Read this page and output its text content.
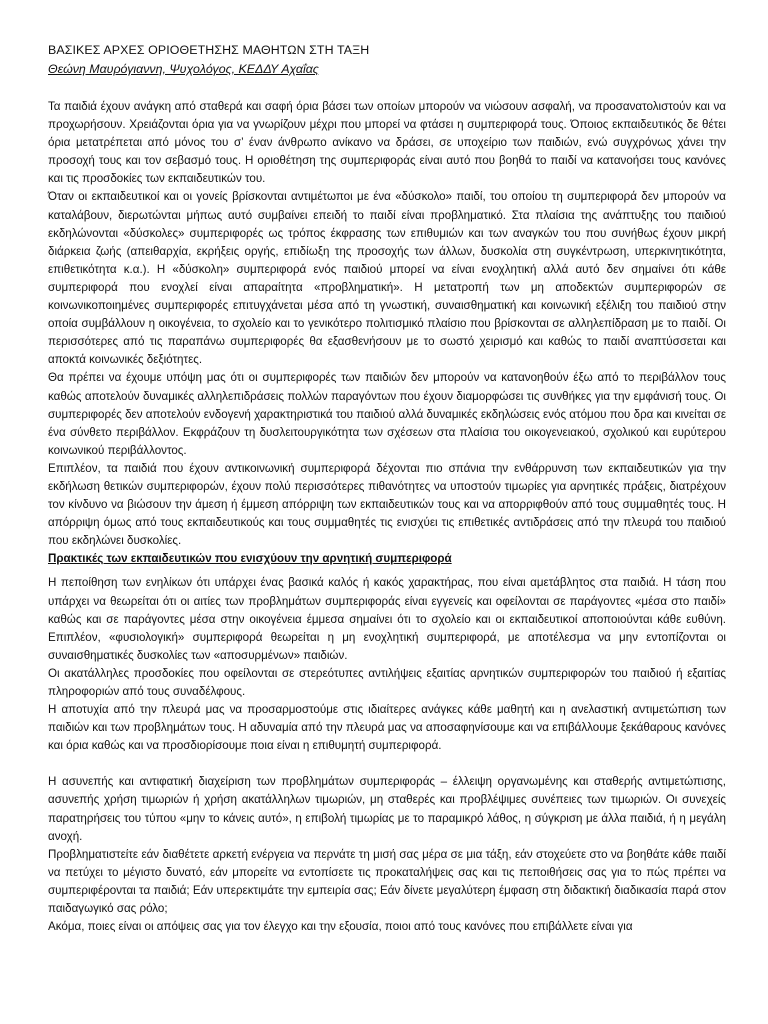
ΒΑΣΙΚΕΣ ΑΡΧΕΣ ΟΡΙΟΘΕΤΗΣΗΣ ΜΑΘΗΤΩΝ ΣΤΗ ΤΑΞΗ
Θεώνη Μαυρόγιαννη, Ψυχολόγος, ΚΕΔΔΥ Αχαΐας

Τα παιδιά έχουν ανάγκη από σταθερά και σαφή όρια βάσει των οποίων μπορούν να νιώσουν ασφαλή, να προσανατολιστούν και να προχωρήσουν. Χρειάζονται όρια για να γνωρίζουν μέχρι που μπορεί να φτάσει η συμπεριφορά τους. Όποιος εκπαιδευτικός δε θέτει όρια μετατρέπεται από μόνος του σ’ έναν άνθρωπο ανίκανο να δράσει, σε υποχείριο των παιδιών, ενώ συγχρόνως χάνει την προσοχή τους και τον σεβασμό τους. Η οριοθέτηση της συμπεριφοράς είναι αυτό που βοηθά το παιδί να κατανοήσει τους κανόνες και τις προσδοκίες των εκπαιδευτικών του.

Όταν οι εκπαιδευτικοί και οι γονείς βρίσκονται αντιμέτωποι με ένα «δύσκολο» παιδί, του οποίου τη συμπεριφορά δεν μπορούν να καταλάβουν, διερωτώνται μήπως αυτό συμβαίνει επειδή το παιδί είναι προβληματικό. Στα πλαίσια της ανάπτυξης του παιδιού εκδηλώνονται «δύσκολες» συμπεριφορές ως τρόπος έκφρασης των επιθυμιών και των αναγκών του που συνήθως έχουν μικρή διάρκεια ζωής (απειθαρχία, εκρήξεις οργής, επιδίωξη της προσοχής των άλλων, δυσκολία στη συγκέντρωση, υπερκινητικότητα, επιθετικότητα κ.α.). Η «δύσκολη» συμπεριφορά ενός παιδιού μπορεί να είναι ενοχλητική αλλά αυτό δεν σημαίνει ότι κάθε συμπεριφορά που ενοχλεί είναι απαραίτητα «προβληματική». Η μετατροπή των μη αποδεκτών συμπεριφορών σε κοινωνικοποιημένες συμπεριφορές επιτυγχάνεται μέσα από τη γνωστική, συναισθηματική και κοινωνική εξέλιξη του παιδιού στην οποία συμβάλλουν η οικογένεια, το σχολείο και το γενικότερο πολιτισμικό πλαίσιο που βρίσκονται σε αλληλεπίδραση με το παιδί. Οι περισσότερες από τις παραπάνω συμπεριφορές θα εξασθενήσουν με το σωστό χειρισμό και καθώς το παιδί αναπτύσσεται και αποκτά κοινωνικές δεξιότητες.

Θα πρέπει να έχουμε υπόψη μας ότι οι συμπεριφορές των παιδιών δεν μπορούν να κατανοηθούν έξω από το περιβάλλον τους καθώς αποτελούν δυναμικές αλληλεπιδράσεις πολλών παραγόντων που έχουν διαμορφώσει τις συνθήκες για την εμφάνισή τους. Οι συμπεριφορές δεν αποτελούν ενδογενή χαρακτηριστικά του παιδιού αλλά δυναμικές εκδηλώσεις ενός ατόμου που δρα και κινείται σε ένα σύνθετο περιβάλλον. Εκφράζουν τη δυσλειτουργικότητα των σχέσεων στα πλαίσια του οικογενειακού, σχολικού και ευρύτερου κοινωνικού περιβάλλοντος.

Επιπλέον, τα παιδιά που έχουν αντικοινωνική συμπεριφορά δέχονται πιο σπάνια την ενθάρρυνση των εκπαιδευτικών για την εκδήλωση θετικών συμπεριφορών, έχουν πολύ περισσότερες πιθανότητες να υποστούν τιμωρίες για αρνητικές πράξεις, διατρέχουν τον κίνδυνο να βιώσουν την άμεση ή έμμεση απόρριψη των εκπαιδευτικών τους και να απορριφθούν από τους συμμαθητές τους. Η απόρριψη όμως από τους εκπαιδευτικούς και τους συμμαθητές τις ενισχύει τις επιθετικές αντιδράσεις από την πλευρά του παιδιού που εκδηλώνει δυσκολίες.

Πρακτικές των εκπαιδευτικών που ενισχύουν την αρνητική συμπεριφορά

Η πεποίθηση των ενηλίκων ότι υπάρχει ένας βασικά καλός ή κακός χαρακτήρας, που είναι αμετάβλητος στα παιδιά. Η τάση που υπάρχει να θεωρείται ότι οι αιτίες των προβλημάτων συμπεριφοράς είναι εγγενείς και οφείλονται σε παράγοντες «μέσα στο παιδί» καθώς και σε παράγοντες μέσα στην οικογένεια έμμεσα σημαίνει ότι το σχολείο και οι εκπαιδευτικοί αποποιούνται κάθε ευθύνη. Επιπλέον, «φυσιολογική» συμπεριφορά θεωρείται η μη ενοχλητική συμπεριφορά, με αποτέλεσμα να μην εντοπίζονται οι συναισθηματικές δυσκολίες των «αποσυρμένων» παιδιών.

Οι ακατάλληλες προσδοκίες που οφείλονται σε στερεότυπες αντιλήψεις εξαιτίας αρνητικών συμπεριφορών του παιδιού ή εξαιτίας πληροφοριών από τους συναδέλφους.

Η αποτυχία από την πλευρά μας να προσαρμοστούμε στις ιδιαίτερες ανάγκες κάθε μαθητή και η ανελαστική αντιμετώπιση των παιδιών και των προβλημάτων τους. Η αδυναμία από την πλευρά μας να αποσαφηνίσουμε και να επιβάλλουμε ξεκάθαρους κανόνες και όρια καθώς και να προσδιορίσουμε ποια είναι η επιθυμητή συμπεριφορά.

Η ασυνεπής και αντιφατική διαχείριση των προβλημάτων συμπεριφοράς – έλλειψη οργανωμένης και σταθερής αντιμετώπισης, ασυνεπής χρήση τιμωριών ή χρήση ακατάλληλων τιμωριών, μη σταθερές και προβλέψιμες συνέπειες των τιμωριών. Οι συνεχείς παρατηρήσεις του τύπου «μην το κάνεις αυτό», η επιβολή τιμωρίας με το παραμικρό λάθος, η σύγκριση με άλλα παιδιά, ή η μεγάλη ανοχή.

Προβληματιστείτε εάν διαθέτετε αρκετή ενέργεια να περνάτε τη μισή σας μέρα σε μια τάξη, εάν στοχεύετε στο να βοηθάτε κάθε παιδί να πετύχει το μέγιστο δυνατό, εάν μπορείτε να εντοπίσετε τις προκαταλήψεις σας και τις πεποιθήσεις σας για το πώς πρέπει να συμπεριφέρονται τα παιδιά; Εάν υπερεκτιμάτε την εμπειρία σας; Εάν δίνετε μεγαλύτερη έμφαση στη διδακτική διαδικασία παρά στον παιδαγωγικό σας ρόλο;

Ακόμα, ποιες είναι οι απόψεις σας για τον έλεγχο και την εξουσία, ποιοι από τους κανόνες που επιβάλλετε είναι για
